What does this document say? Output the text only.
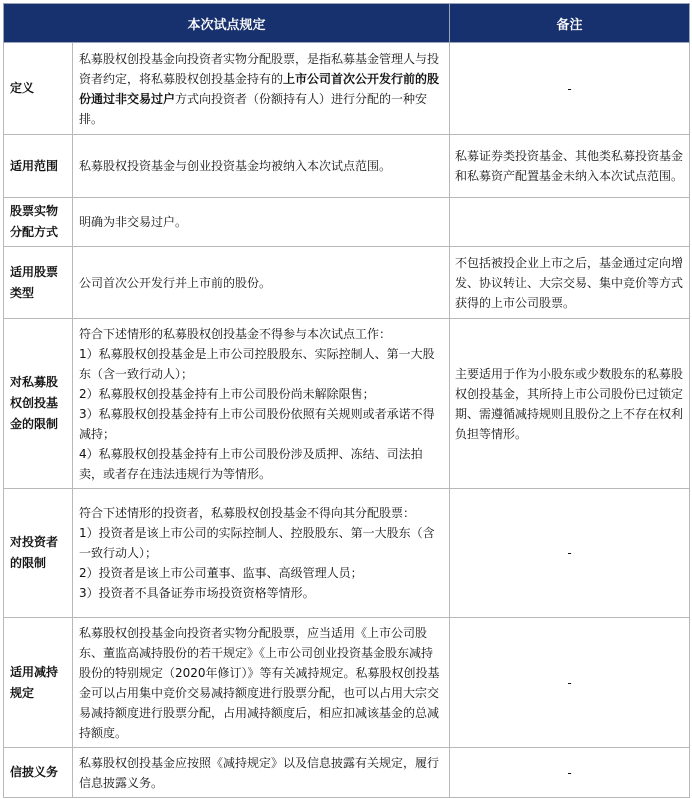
本次试点规定		备注
定义	私募股权创投基金向投资者实物分配股票，是指私募基金管理人与投资者约定，将私募股权创投基金持有的上市公司首次公开发行前的股份通过非交易过户方式向投资者（份额持有人）进行分配的一种安排。	-
适用范围	私募股权投资基金与创业投资基金均被纳入本次试点范围。	私募证券类投资基金、其他类私募投资基金和私募资产配置基金未纳入本次试点范围。
股票实物分配方式	明确为非交易过户。	
适用股票类型	公司首次公开发行并上市前的股份。	不包括被投企业上市之后，基金通过定向增发、协议转让、大宗交易、集中竞价等方式获得的上市公司股票。
对私募股权创投基金的限制	符合下述情形的私募股权创投基金不得参与本次试点工作：
1）私募股权创投基金是上市公司控股股东、实际控制人、第一大股东（含一致行动人）；
2）私募股权创投基金持有上市公司股份尚未解除限售；
3）私募股权创投基金持有上市公司股份依照有关规则或者承诺不得减持；
4）私募股权创投基金持有上市公司股份涉及质押、冻结、司法拍卖，或者存在违法违规行为等情形。	主要适用于作为小股东或少数股东的私募股权创投基金，其所持上市公司股份已过锁定期、需遵循减持规则且股份之上不存在权利负担等情形。
对投资者的限制	符合下述情形的投资者，私募股权创投基金不得向其分配股票：
1）投资者是该上市公司的实际控制人、控股股东、第一大股东（含一致行动人）；
2）投资者是该上市公司董事、监事、高级管理人员；
3）投资者不具备证券市场投资资格等情形。	-
适用减持规定	私募股权创投基金向投资者实物分配股票，应当适用《上市公司股东、董监高减持股份的若干规定》《上市公司创业投资基金股东减持股份的特别规定（2020年修订）》等有关减持规定。私募股权创投基金可以占用集中竞价交易减持额度进行股票分配，也可以占用大宗交易减持额度进行股票分配，占用减持额度后，相应扣减该基金的总减持额度。	-
信披义务	私募股权创投基金应按照《减持规定》以及信息披露有关规定，履行信息披露义务。	-
